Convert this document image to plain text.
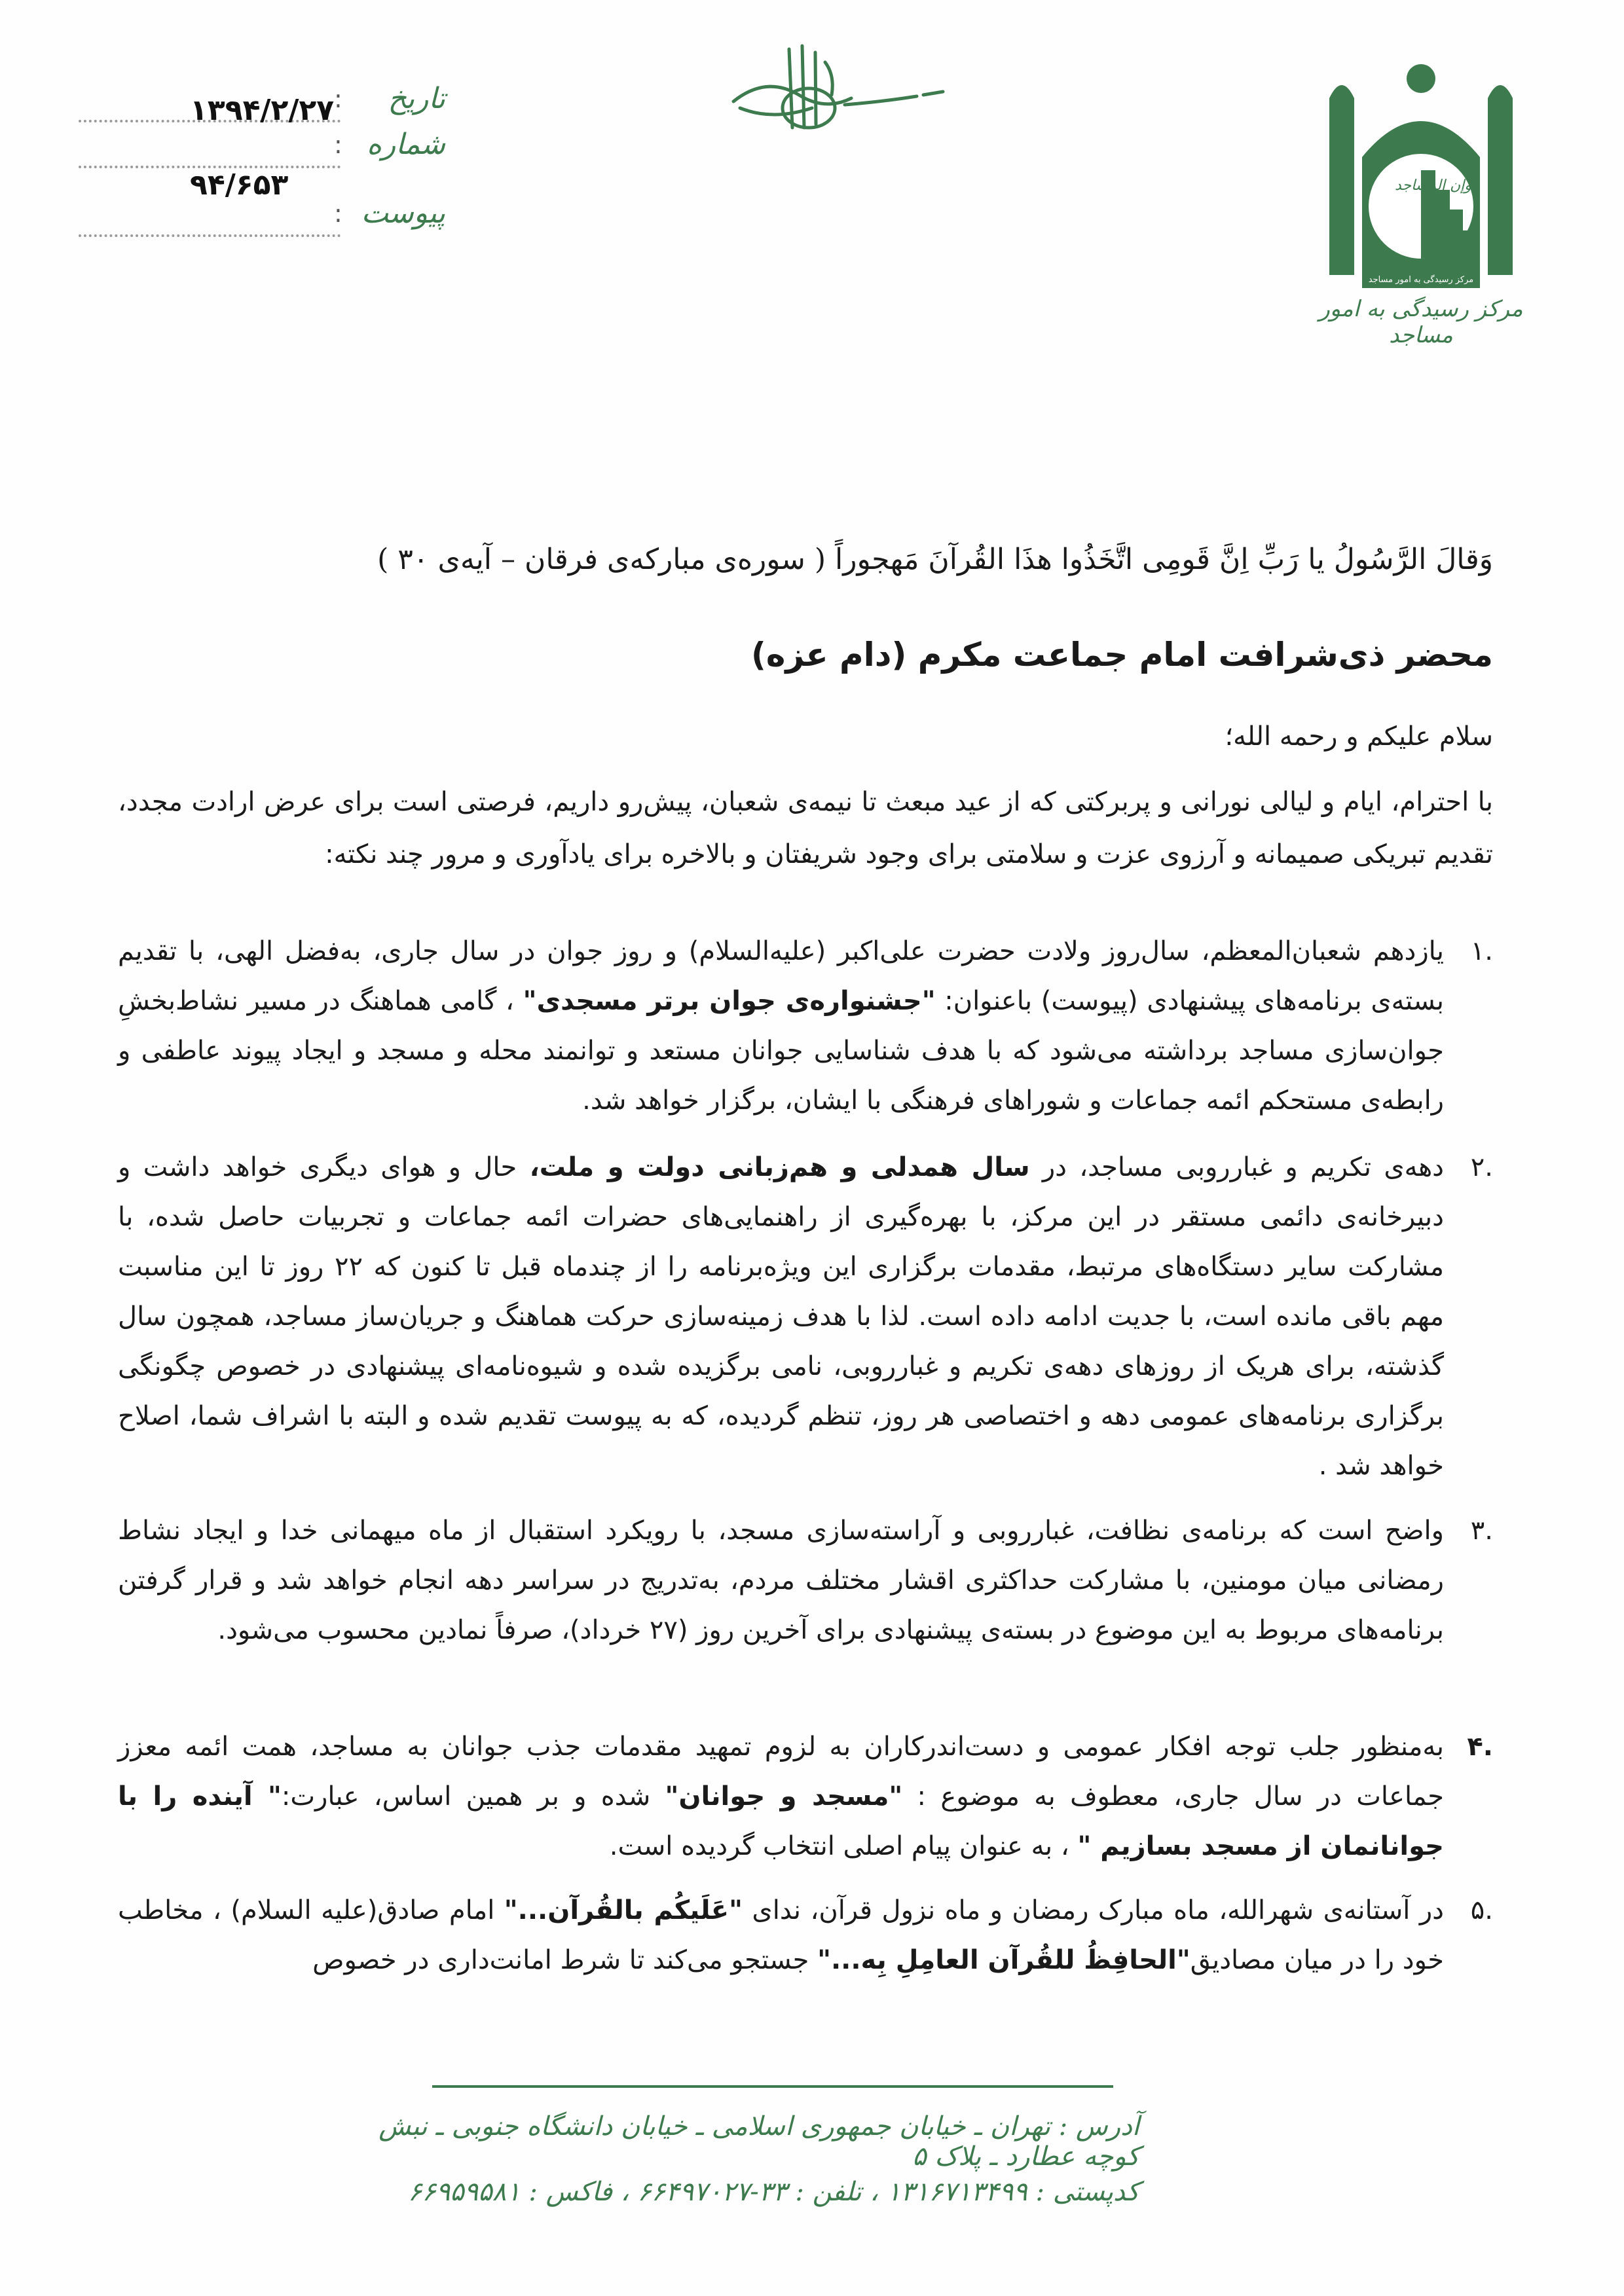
وإن المساجد
مرکز رسیدگی به امور مساجد
مرکز رسیدگی به امور مساجد
تاریخ
:
شماره
:
۱۳۹۴/۲/۲۷
۹۴/۶۵۳
پیوست
:
وَقالَ الرَّسُولُ یا رَبِّ اِنَّ قَومِی اتَّخَذُوا هذَا القُرآنَ مَهجوراً ( سوره‌ی مبارکه‌ی فرقان – آیه‌ی ۳۰ )
محضر ذی‌شرافت امام جماعت مکرم (دام عزه)
سلام علیکم و رحمه الله؛
با احترام، ایام و لیالی نورانی و پربرکتی که از عید مبعث تا نیمه‌ی شعبان، پیش‌رو داریم، فرصتی است برای عرض ارادت مجدد، تقدیم تبریکی صمیمانه و آرزوی عزت و سلامتی برای وجود شریفتان و بالاخره برای یادآوری و مرور چند نکته:
.۱
یازدهم شعبان‌المعظم، سال‌روز ولادت حضرت علی‌اکبر (علیه‌السلام) و روز جوان در سال جاری، به‌فضل الهی، با تقدیم بسته‌ی برنامه‌های پیشنهادی (پیوست) باعنوان: "جشنواره‌ی جوان برتر مسجدی" ، گامی هماهنگ در مسیر نشاط‌بخشِ جوان‌سازی مساجد برداشته می‌شود که با هدف شناسایی جوانان مستعد و توانمند محله و مسجد و ایجاد پیوند عاطفی و رابطه‌ی مستحکم ائمه جماعات و شوراهای فرهنگی با ایشان، برگزار خواهد شد.
.۲
دهه‌ی تکریم و غبارروبی مساجد، در سال همدلی و هم‌زبانی دولت و ملت، حال و هوای دیگری خواهد داشت و دبیرخانه‌ی دائمی مستقر در این مرکز، با بهره‌گیری از راهنمایی‌های حضرات ائمه جماعات و تجربیات حاصل شده، با مشارکت سایر دستگاه‌های مرتبط، مقدمات برگزاری این ویژه‌برنامه را از چندماه قبل تا کنون که ۲۲ روز تا این مناسبت مهم باقی مانده است، با جدیت ادامه داده است. لذا با هدف زمینه‌سازی حرکت هماهنگ و جریان‌ساز مساجد، همچون سال گذشته، برای هریک از روزهای دهه‌ی تکریم و غبارروبی، نامی برگزیده شده و شیوه‌نامه‌ای پیشنهادی در خصوص چگونگی برگزاری برنامه‌های عمومی دهه و اختصاصی هر روز، تنظم گردیده، که به پیوست تقدیم شده و البته با اشراف شما، اصلاح خواهد شد .
.۳
واضح است که برنامه‌ی نظافت، غبارروبی و آراسته‌سازی مسجد، با رویکرد استقبال از ماه میهمانی خدا و ایجاد نشاط رمضانی میان مومنین، با مشارکت حداکثری اقشار مختلف مردم، به‌تدریج در سراسر دهه انجام خواهد شد و قرار گرفتن برنامه‌های مربوط به این موضوع در بسته‌ی پیشنهادی برای آخرین روز (۲۷ خرداد)، صرفاً نمادین محسوب می‌شود.
.۴
به‌منظور جلب توجه افکار عمومی و دست‌اندرکاران به لزوم تمهید مقدمات جذب جوانان به مساجد، همت ائمه معزز جماعات در سال جاری، معطوف به موضوع : "مسجد و جوانان" شده و بر همین اساس، عبارت:" آینده را با جوانانمان از مسجد بسازیم " ، به عنوان پیام اصلی انتخاب گردیده است.
.۵
در آستانه‌ی شهرالله، ماه مبارک رمضان و ماه نزول قرآن، ندای "عَلَیکُم بالقُرآن..." امام صادق(علیه السلام) ، مخاطب خود را در میان مصادیق"الحافِظُ للقُرآن العامِلِ بِه..." جستجو می‌کند تا شرط امانت‌داری در خصوص
آدرس : تهران ـ خیابان جمهوری اسلامی ـ خیابان دانشگاه جنوبی ـ نبش کوچه عطارد ـ پلاک ۵
کدپستی : ۱۳۱۶۷۱۳۴۹۹ ، تلفن : ۳۳-۶۶۴۹۷۰۲۷ ، فاکس : ۶۶۹۵۹۵۸۱
